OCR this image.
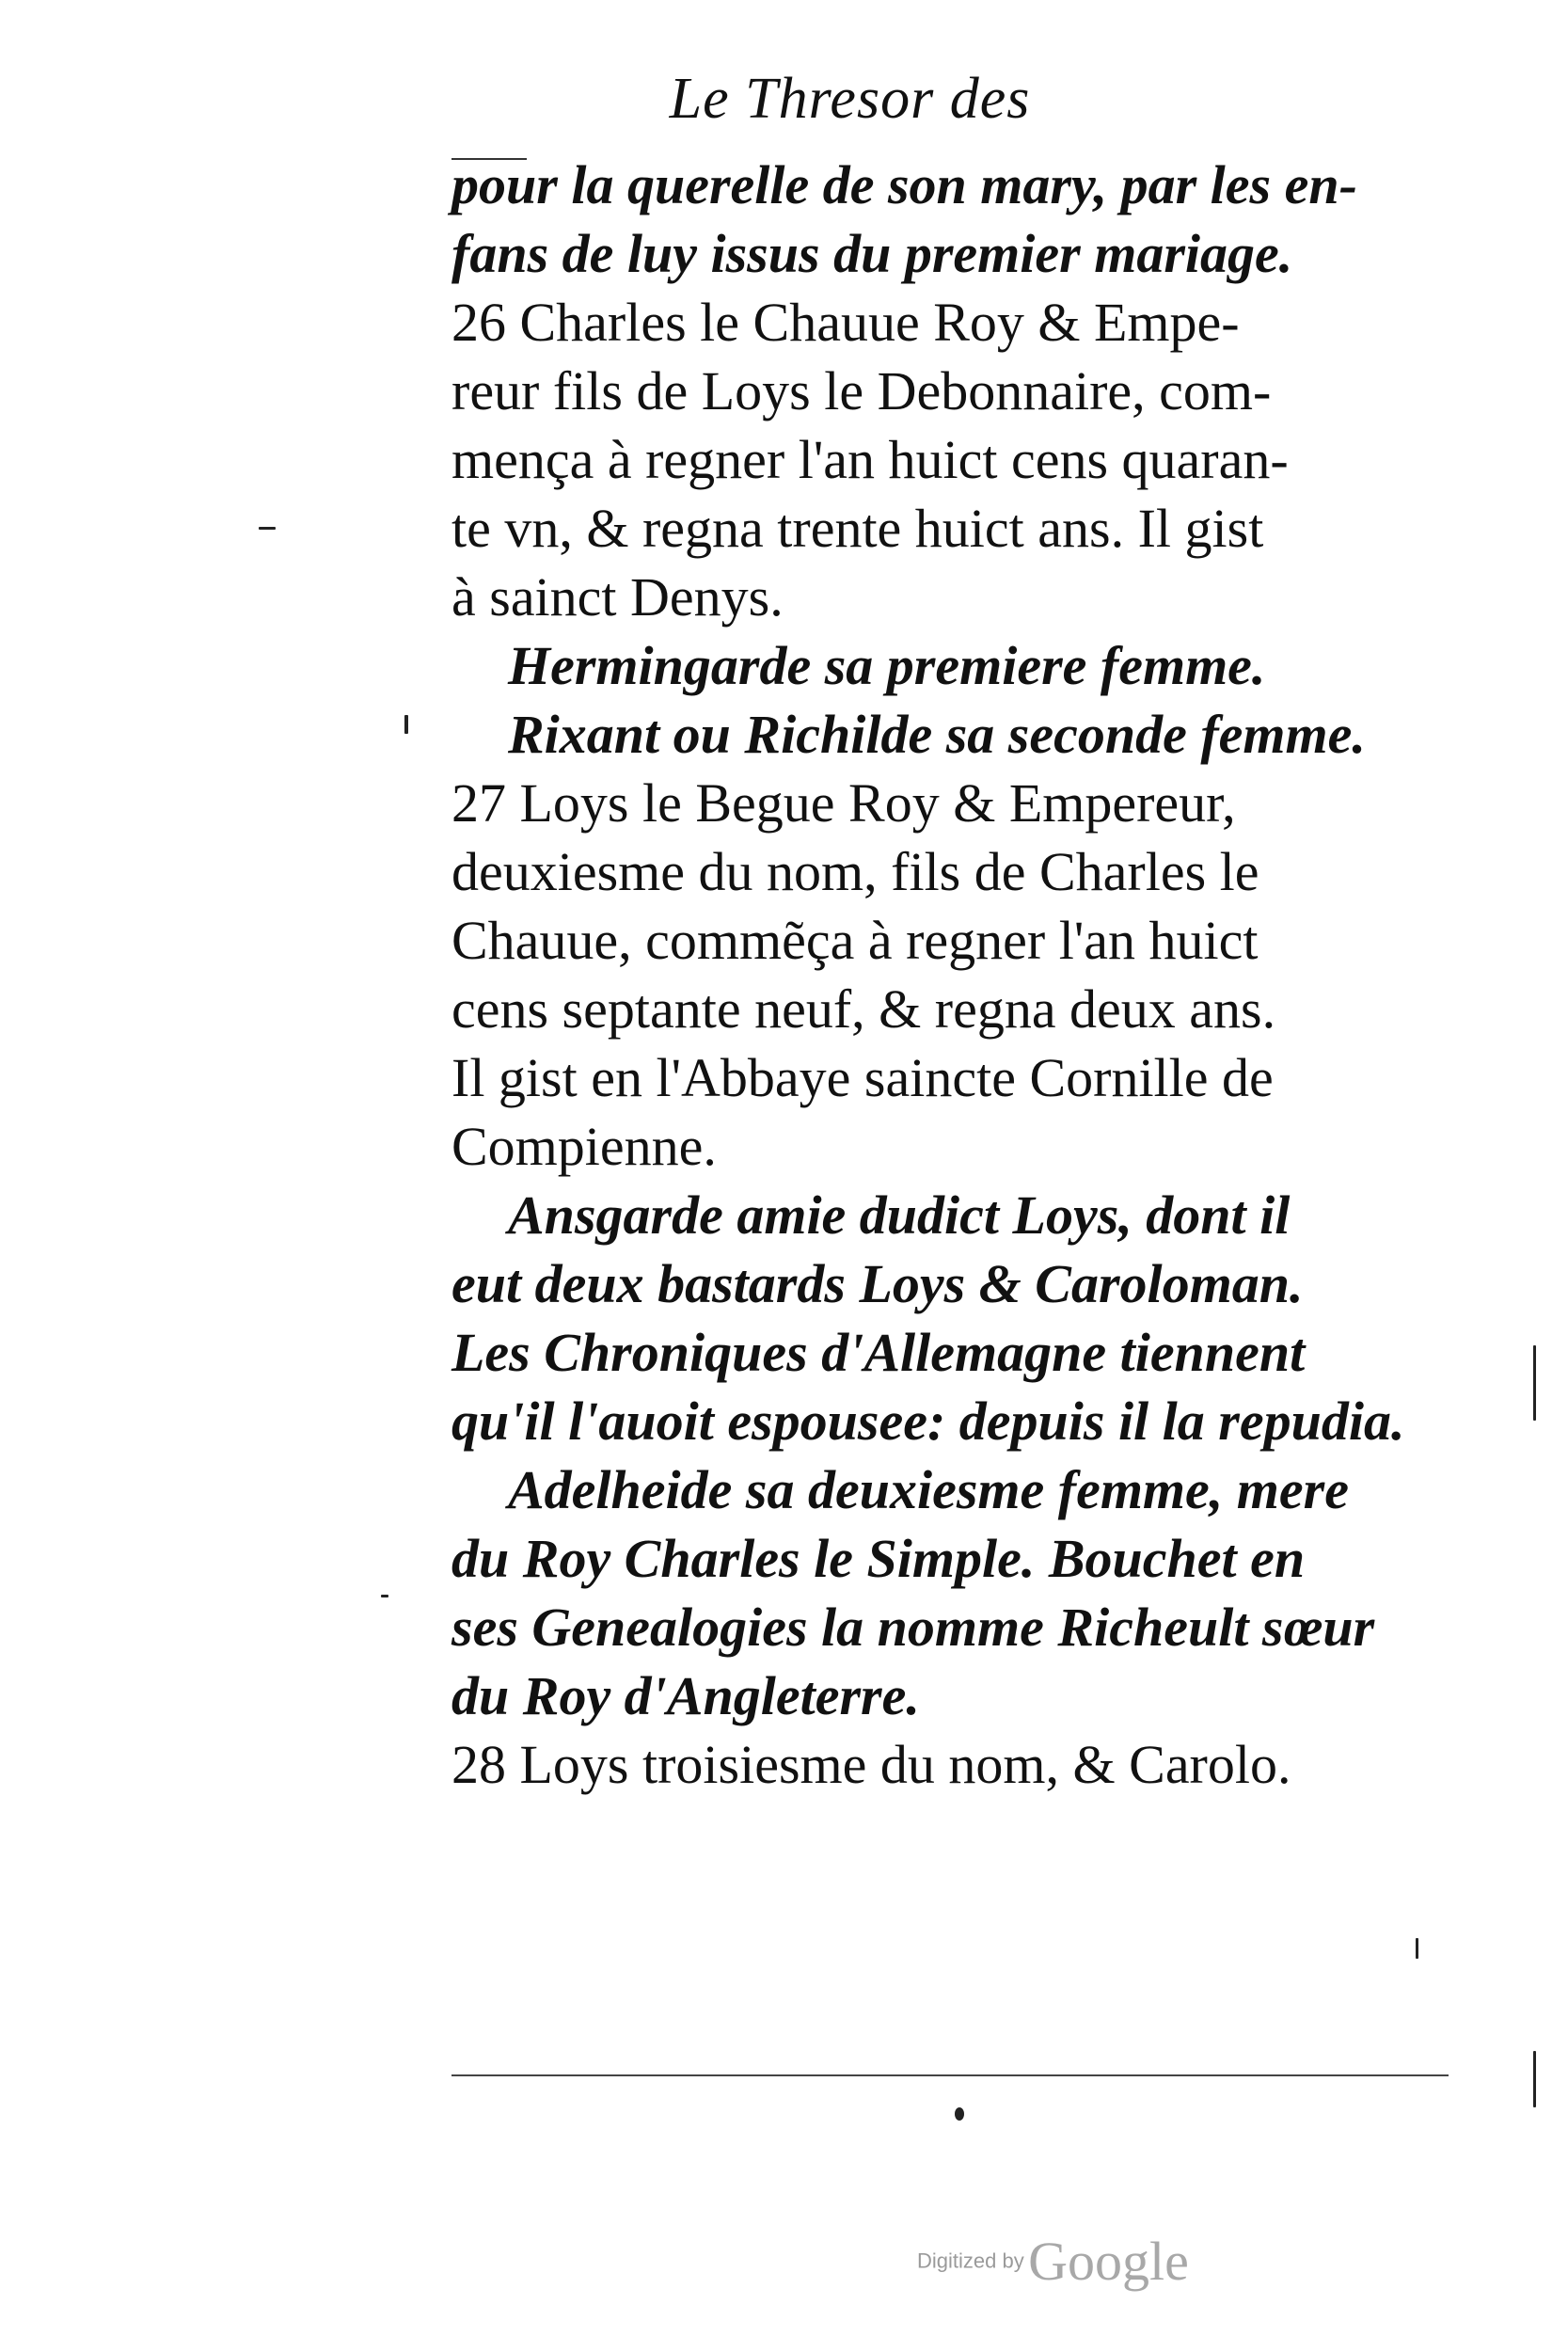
Le Thresor des
pour la querelle de son mary, par les en-
fans de luy issus du premier mariage.
26 Charles le Chauue Roy & Empe-
reur fils de Loys le Debonnaire, com-
mença à regner l'an huict cens quaran-
te vn, & regna trente huict ans. Il gist
à sainct Denys.
Hermingarde sa premiere femme.
Rixant ou Richilde sa seconde femme.
27 Loys le Begue Roy & Empereur,
deuxiesme du nom, fils de Charles le
Chauue, commẽça à regner l'an huict
cens septante neuf, & regna deux ans.
Il gist en l'Abbaye saincte Cornille de
Compienne.
Ansgarde amie dudict Loys, dont il
eut deux bastards Loys & Caroloman.
Les Chroniques d'Allemagne tiennent
qu'il l'auoit espousee: depuis il la repudia.
Adelheide sa deuxiesme femme, mere
du Roy Charles le Simple. Bouchet en
ses Genealogies la nomme Richeult sœur
du Roy d'Angleterre.
28 Loys troisiesme du nom, & Carolo.
Digitized by Google
